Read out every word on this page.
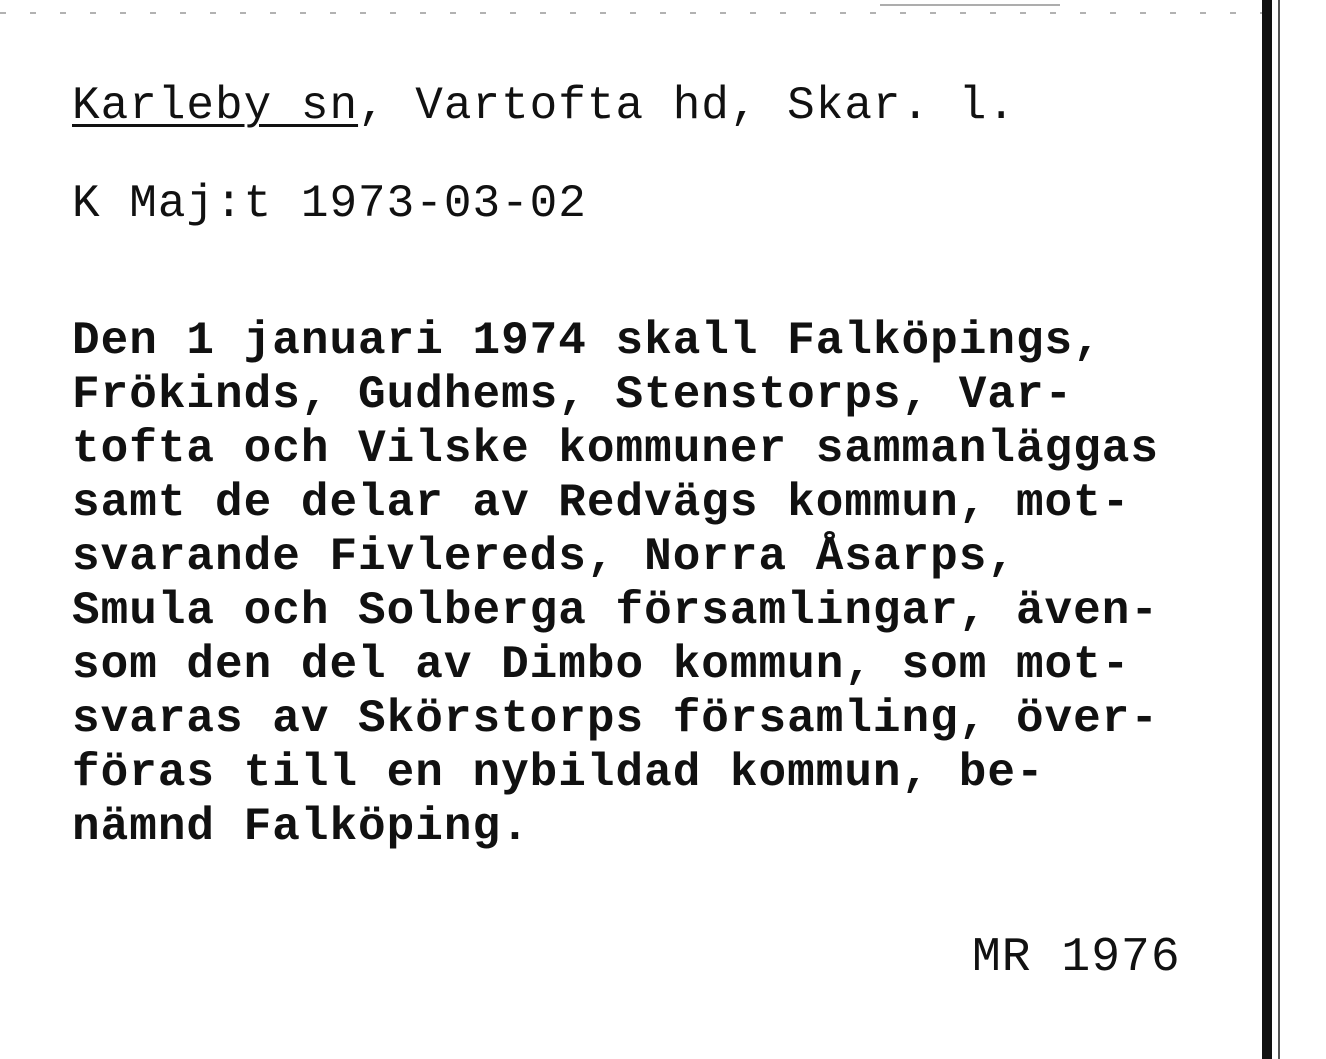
Karleby sn, Vartofta hd, Skar. l.
K Maj:t 1973-03-02
Den 1 januari 1974 skall Falköpings,
Frökinds, Gudhems, Stenstorps, Var-
tofta och Vilske kommuner sammanläggas
samt de delar av Redvägs kommun, mot-
svarande Fivlereds, Norra Åsarps,
Smula och Solberga församlingar, även-
som den del av Dimbo kommun, som mot-
svaras av Skörstorps församling, över-
föras till en nybildad kommun, be-
nämnd Falköping.
MR 1976
